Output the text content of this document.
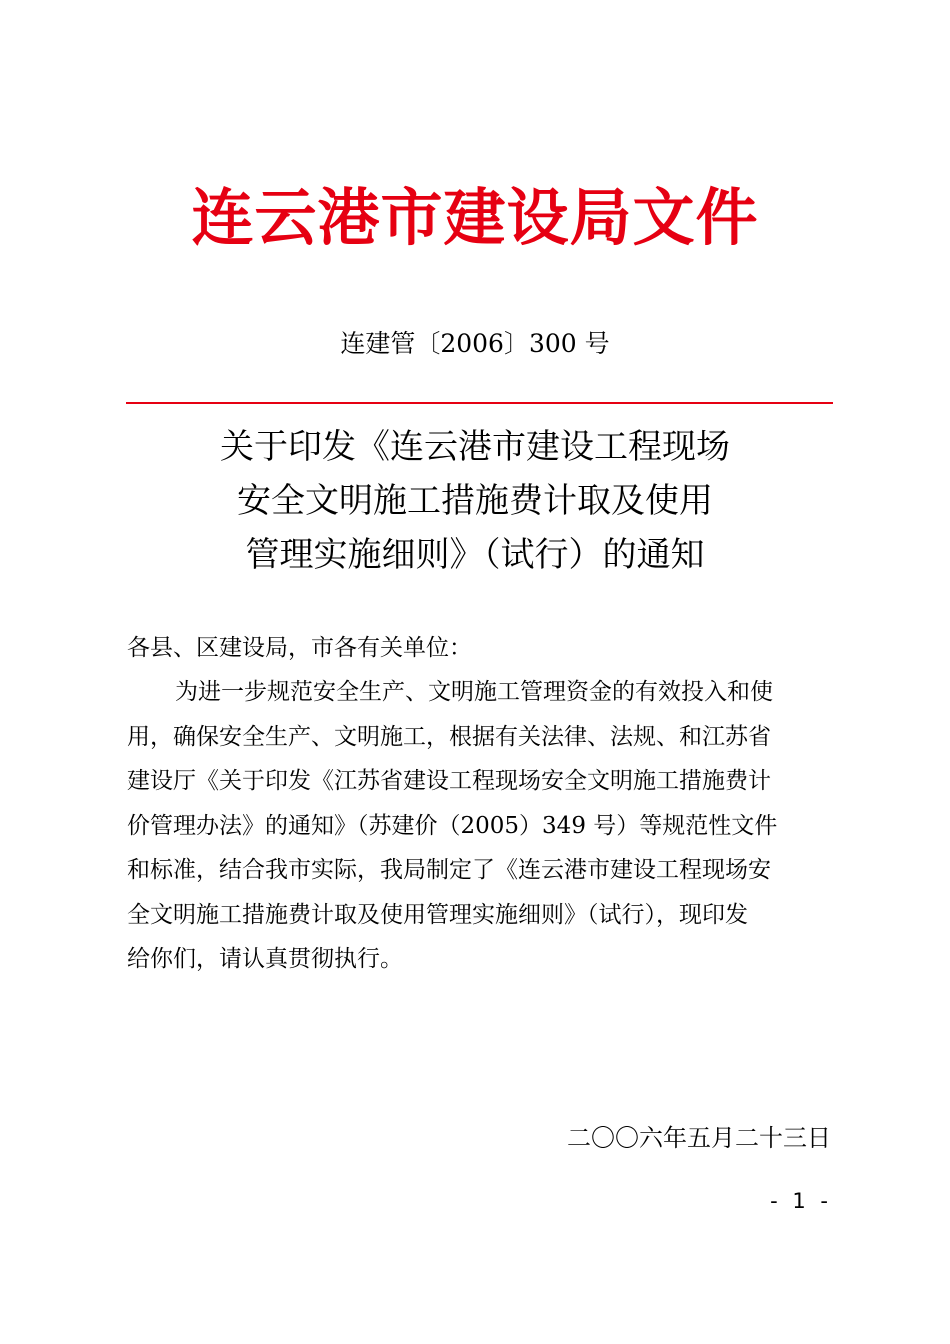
连云港市建设局文件
连建管〔2006〕300 号
关于印发《连云港市建设工程现场
安全文明施工措施费计取及使用
管理实施细则》（试行）的通知
各县、区建设局，市各有关单位：
为进一步规范安全生产、文明施工管理资金的有效投入和使
用，确保安全生产、文明施工，根据有关法律、法规、和江苏省
建设厅《关于印发《江苏省建设工程现场安全文明施工措施费计
价管理办法》的通知》（苏建价（2005）349 号）等规范性文件
和标准，结合我市实际，我局制定了《连云港市建设工程现场安
全文明施工措施费计取及使用管理实施细则》（试行），现印发
给你们，请认真贯彻执行。
二〇〇六年五月二十三日
- 1 -
